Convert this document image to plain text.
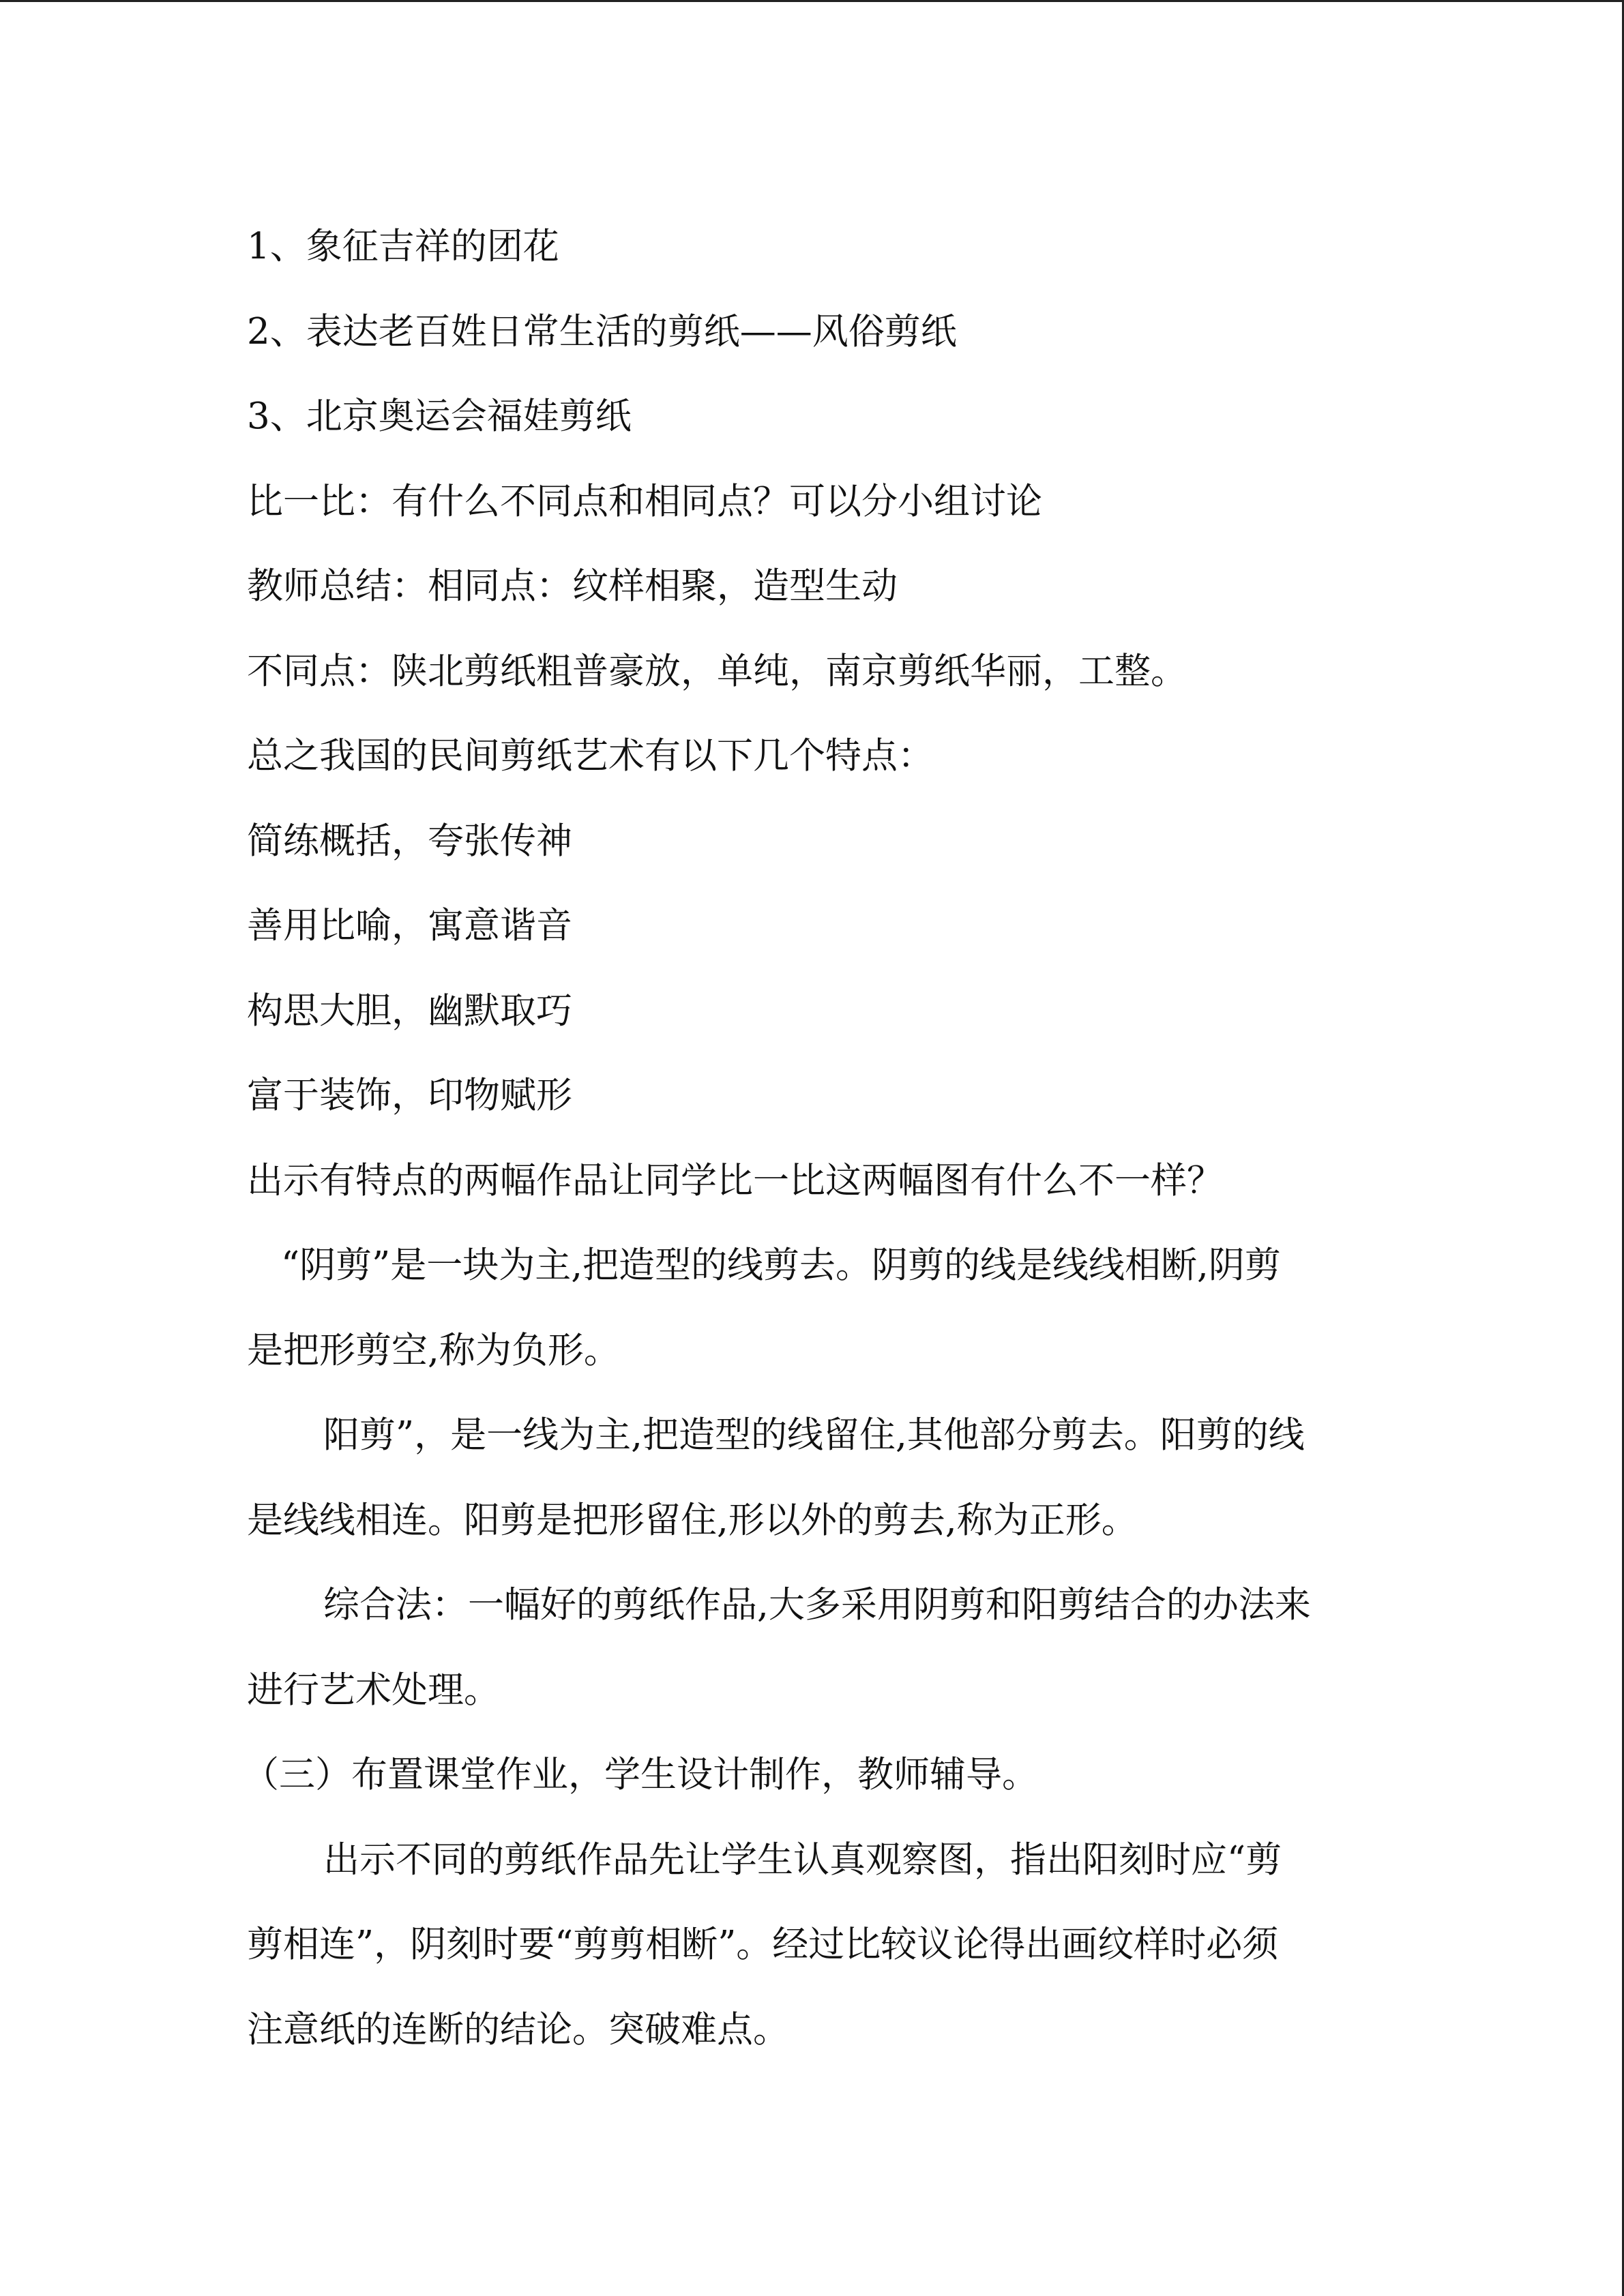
1、象征吉祥的团花
2、表达老百姓日常生活的剪纸——风俗剪纸
3、北京奥运会福娃剪纸
比一比：有什么不同点和相同点？可以分小组讨论
教师总结：相同点：纹样相聚，造型生动
不同点：陕北剪纸粗普豪放，单纯，南京剪纸华丽，工整。
总之我国的民间剪纸艺术有以下几个特点：
简练概括，夸张传神
善用比喻，寓意谐音
构思大胆，幽默取巧
富于装饰，印物赋形
出示有特点的两幅作品让同学比一比这两幅图有什么不一样？
“阴剪”是一块为主,把造型的线剪去。阴剪的线是线线相断,阴剪
是把形剪空,称为负形。
阳剪”，是一线为主,把造型的线留住,其他部分剪去。阳剪的线
是线线相连。阳剪是把形留住,形以外的剪去,称为正形。
综合法：一幅好的剪纸作品,大多采用阴剪和阳剪结合的办法来
进行艺术处理。
（三）布置课堂作业，学生设计制作，教师辅导。
出示不同的剪纸作品先让学生认真观察图，指出阳刻时应“剪
剪相连”，阴刻时要“剪剪相断”。经过比较议论得出画纹样时必须
注意纸的连断的结论。突破难点。
